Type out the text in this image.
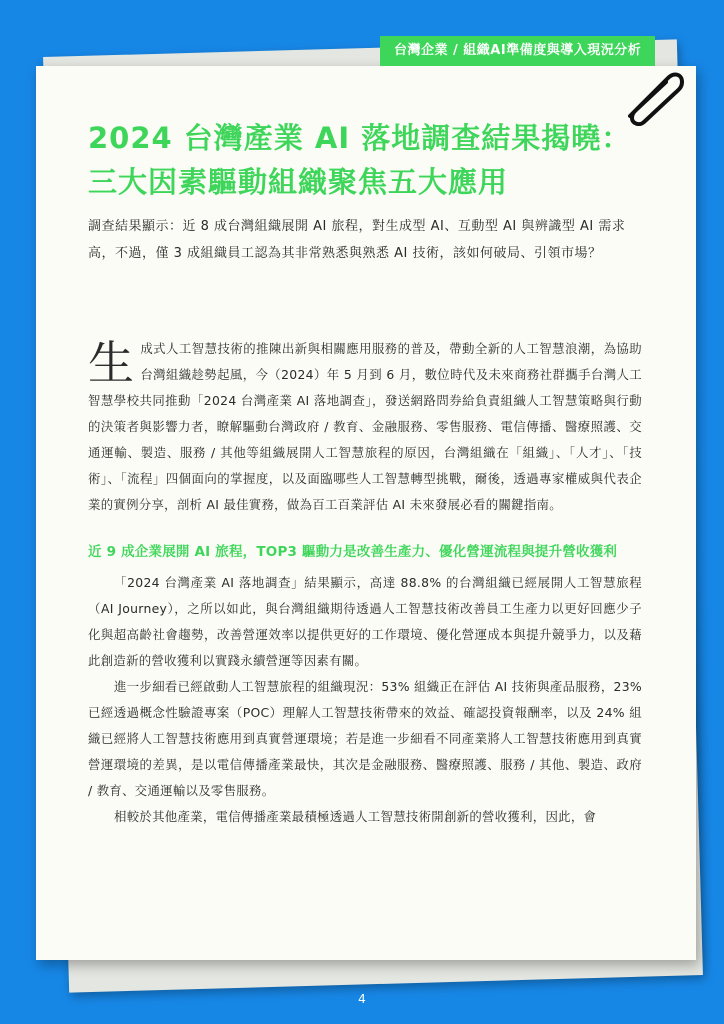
台灣企業 / 組織AI準備度與導入現況分析
2024 台灣產業 AI 落地調查結果揭曉：
三大因素驅動組織聚焦五大應用

調查結果顯示：近 8 成台灣組織展開 AI 旅程，對生成型 AI、互動型 AI 與辨識型 AI 需求高，不過，僅 3 成組織員工認為其非常熟悉與熟悉 AI 技術，該如何破局、引領市場？

生成式人工智慧技術的推陳出新與相關應用服務的普及，帶動全新的人工智慧浪潮，為協助台灣組織趁勢起風，今（2024）年 5 月到 6 月，數位時代及未來商務社群攜手台灣人工智慧學校共同推動「2024 台灣產業 AI 落地調查」，發送網路問券給負責組織人工智慧策略與行動的決策者與影響力者，瞭解驅動台灣政府 / 教育、金融服務、零售服務、電信傳播、醫療照護、交通運輸、製造、服務 / 其他等組織展開人工智慧旅程的原因，台灣組織在「組織」、「人才」、「技術」、「流程」四個面向的掌握度，以及面臨哪些人工智慧轉型挑戰，爾後，透過專家權威與代表企業的實例分享，剖析 AI 最佳實務，做為百工百業評估 AI 未來發展必看的關鍵指南。

近 9 成企業展開 AI 旅程，TOP3 驅動力是改善生產力、優化營運流程與提升營收獲利

「2024 台灣產業 AI 落地調查」結果顯示，高達 88.8% 的台灣組織已經展開人工智慧旅程（AI Journey），之所以如此，與台灣組織期待透過人工智慧技術改善員工生產力以更好回應少子化與超高齡社會趨勢，改善營運效率以提供更好的工作環境、優化營運成本與提升競爭力，以及藉此創造新的營收獲利以實踐永續營運等因素有關。

進一步細看已經啟動人工智慧旅程的組織現況：53% 組織正在評估 AI 技術與產品服務，23% 已經透過概念性驗證專案（POC）理解人工智慧技術帶來的效益、確認投資報酬率，以及 24% 組織已經將人工智慧技術應用到真實營運環境；若是進一步細看不同產業將人工智慧技術應用到真實營運環境的差異，是以電信傳播產業最快，其次是金融服務、醫療照護、服務 / 其他、製造、政府 / 教育、交通運輸以及零售服務。

相較於其他產業，電信傳播產業最積極透過人工智慧技術開創新的營收獲利，因此，會

4
